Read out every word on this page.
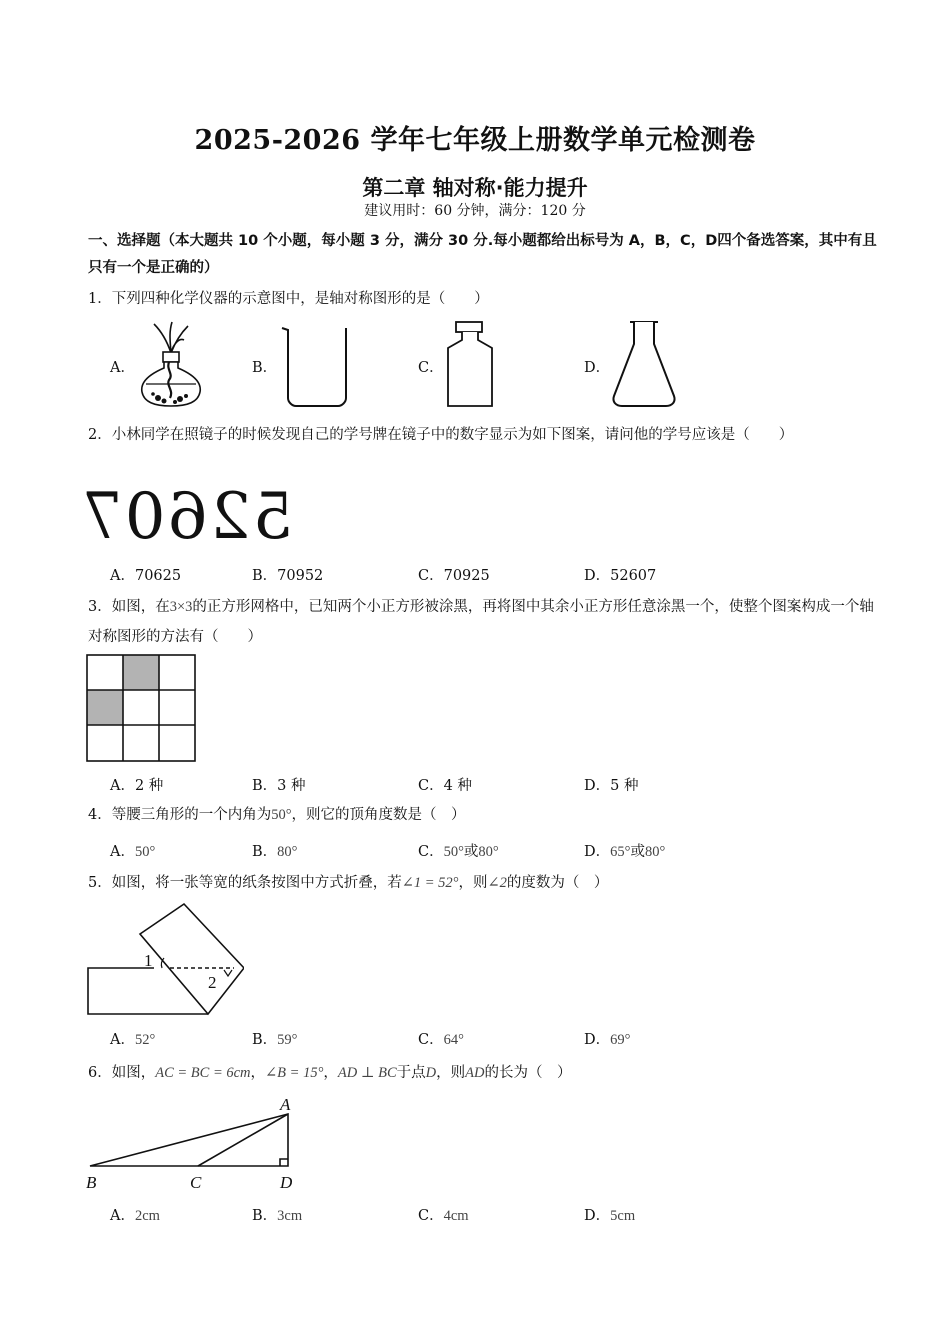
2025-2026 学年七年级上册数学单元检测卷
第二章 轴对称·能力提升
建议用时：60 分钟，满分：120 分
一、选择题（本大题共 10 个小题，每小题 3 分，满分 30 分.每小题都给出标号为 A，B，C，D四个备选答案，其中有且只有一个是正确的）
1．下列四种化学仪器的示意图中，是轴对称图形的是（　　）
A．	B．	C．	D．
2．小林同学在照镜子的时候发现自己的学号牌在镜子中的数字显示为如下图案，请问他的学号应该是（　　）
52607
A．70625	B．70952	C．70925	D．52607
3．如图，在3×3的正方形网格中，已知两个小正方形被涂黑，再将图中其余小正方形任意涂黑一个，使整个图案构成一个轴对称图形的方法有（　　）
A．2 种	B．3 种	C．4 种	D．5 种
4．等腰三角形的一个内角为50°，则它的顶角度数是（　）
A．50°	B．80°	C．50°或80°	D．65°或80°
5．如图，将一张等宽的纸条按图中方式折叠，若∠1 = 52°，则∠2的度数为（　）
1
2
A．52°	B．59°	C．64°	D．69°
6．如图，AC = BC = 6cm，∠B = 15°，AD ⊥ BC于点D，则AD的长为（　）
A
B	C	D
A．2cm	B．3cm	C．4cm	D．5cm
